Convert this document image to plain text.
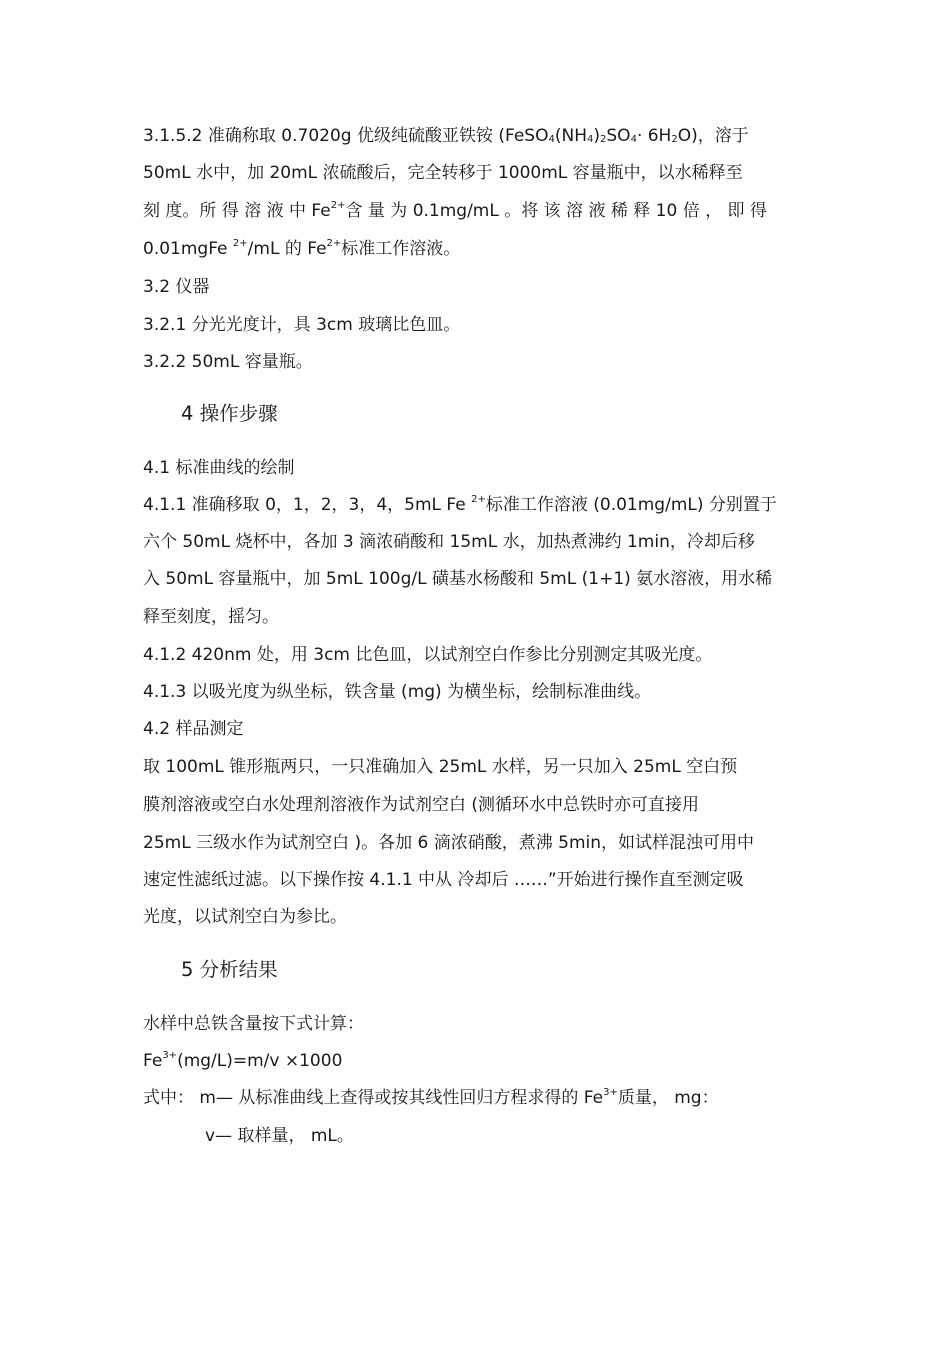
3.1.5.2 准确称取 0.7020g 优级纯硫酸亚铁铵 $(FeSO_4(NH_4)_2SO_4\cdot 6H_2O)$，溶于
50mL 水中，加 20mL 浓硫酸后，完全转移于 1000mL 容量瓶中，以水稀释至
刻 度。所 得 溶 液 中 $Fe^{2+}$含 量 为 0.1mg/mL 。将 该 溶 液 稀 释 10 倍 ， 即 得
0.01mgFe $^{2+}$/mL 的 $Fe^{2+}$标准工作溶液。
3.2 仪器
3.2.1 分光光度计，具 3cm 玻璃比色皿。
3.2.2 50mL 容量瓶。
4 操作步骤
4.1 标准曲线的绘制
4.1.1 准确移取 0，1，2，3，4，5mL Fe $^{2+}$标准工作溶液 (0.01mg/mL) 分别置于
六个 50mL 烧杯中，各加 3 滴浓硝酸和 15mL 水，加热煮沸约 1min，冷却后移
入 50mL 容量瓶中，加 5mL 100g/L 磺基水杨酸和 5mL (1+1) 氨水溶液，用水稀
释至刻度，摇匀。
4.1.2 420nm 处，用 3cm 比色皿，以试剂空白作参比分别测定其吸光度。
4.1.3 以吸光度为纵坐标，铁含量 (mg) 为横坐标，绘制标准曲线。
4.2 样品测定
取 100mL 锥形瓶两只，一只准确加入 25mL 水样，另一只加入 25mL 空白预
膜剂溶液或空白水处理剂溶液作为试剂空白 (测循环水中总铁时亦可直接用
25mL 三级水作为试剂空白 )。各加 6 滴浓硝酸，煮沸 5min，如试样混浊可用中
速定性滤纸过滤。以下操作按 4.1.1 中从 冷却后 ……”开始进行操作直至测定吸
光度，以试剂空白为参比。
5 分析结果
水样中总铁含量按下式计算：
$Fe^{3+}(mg/L)=m/v \times 1000$
式中： m— 从标准曲线上查得或按其线性回归方程求得的 $Fe^{3+}$质量， mg：
v— 取样量， mL。
